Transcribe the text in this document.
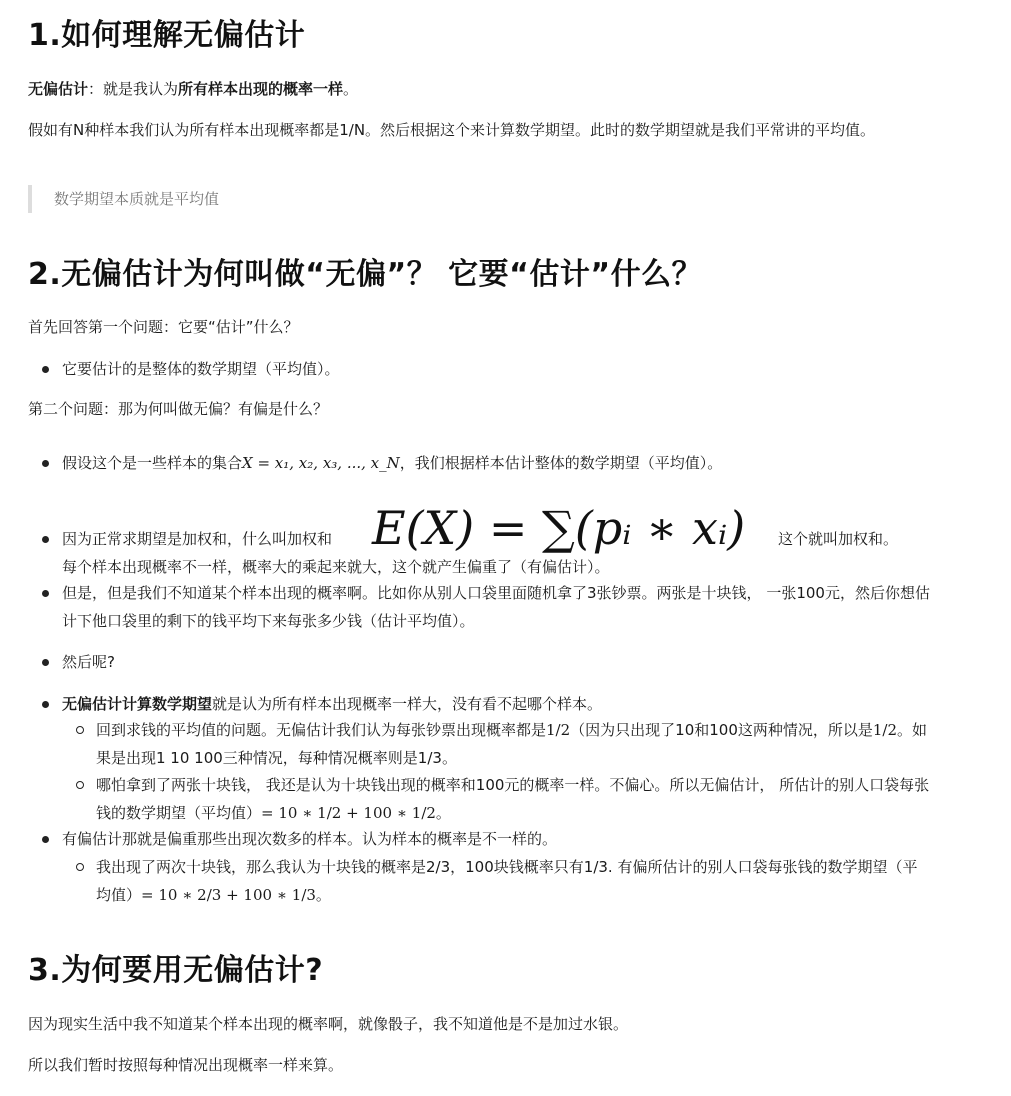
1.如何理解无偏估计

无偏估计：就是我认为所有样本出现的概率一样。

假如有N种样本我们认为所有样本出现概率都是1/N。然后根据这个来计算数学期望。此时的数学期望就是我们平常讲的平均值。

数学期望本质就是平均值
2.无偏估计为何叫做“无偏”？ 它要“估计”什么？

首先回答第一个问题：它要“估计”什么？

它要估计的是整体的数学期望（平均值）。

第二个问题：那为何叫做无偏？有偏是什么？

假设这个是一些样本的集合X = x₁, x₂, x₃, ..., x_N，我们根据样本估计整体的数学期望（平均值）。
因为正常求期望是加权和，什么叫加权和 E(X) = ∑(pᵢ ∗ xᵢ) 这个就叫加权和。
每个样本出现概率不一样，概率大的乘起来就大，这个就产生偏重了（有偏估计）。
但是，但是我们不知道某个样本出现的概率啊。比如你从别人口袋里面随机拿了3张钞票。两张是十块钱， 一张100元，然后你想估计下他口袋里的剩下的钱平均下来每张多少钱（估计平均值）。
然后呢?
无偏估计计算数学期望就是认为所有样本出现概率一样大，没有看不起哪个样本。
回到求钱的平均值的问题。无偏估计我们认为每张钞票出现概率都是1/2（因为只出现了10和100这两种情况，所以是1/2。如果是出现1 10 100三种情况，每种情况概率则是1/3。
哪怕拿到了两张十块钱， 我还是认为十块钱出现的概率和100元的概率一样。不偏心。所以无偏估计， 所估计的别人口袋每张钱的数学期望（平均值）= 10 ∗ 1/2 + 100 ∗ 1/2。
有偏估计那就是偏重那些出现次数多的样本。认为样本的概率是不一样的。
我出现了两次十块钱，那么我认为十块钱的概率是2/3，100块钱概率只有1/3. 有偏所估计的别人口袋每张钱的数学期望（平均值）= 10 ∗ 2/3 + 100 ∗ 1/3。
3.为何要用无偏估计?

因为现实生活中我不知道某个样本出现的概率啊，就像骰子，我不知道他是不是加过水银。

所以我们暂时按照每种情况出现概率一样来算。
